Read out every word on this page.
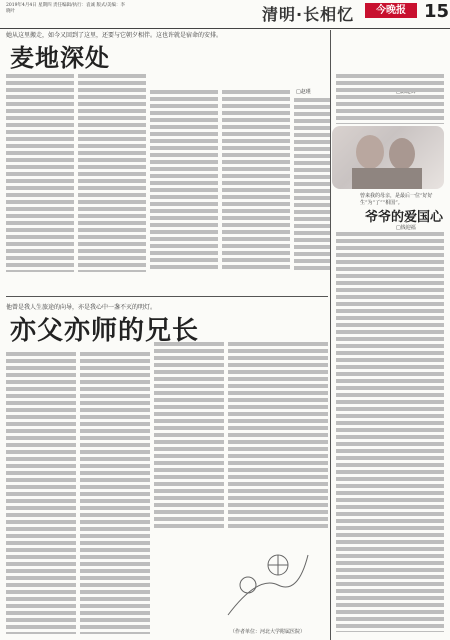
2019年4月4日 星期四 责任编辑/执行：袁诚 版式/美编：李晓叶	清明·长相忆	今晚报	15
她从这里搬走，如今又回到了这里，还要与它朝夕相伴。这也许就是宿命的安排。
麦地深处
□赵瑾	□陈建辉
曾来我的母亲，是最后一位“好好生”为“了”“相国”。
爷爷的爱国心
□钱迎福
他曾是我人生旅途的向导，亦是我心中一盏不灭的明灯。
亦父亦师的兄长
（作者单位：河北大学附属医院）
